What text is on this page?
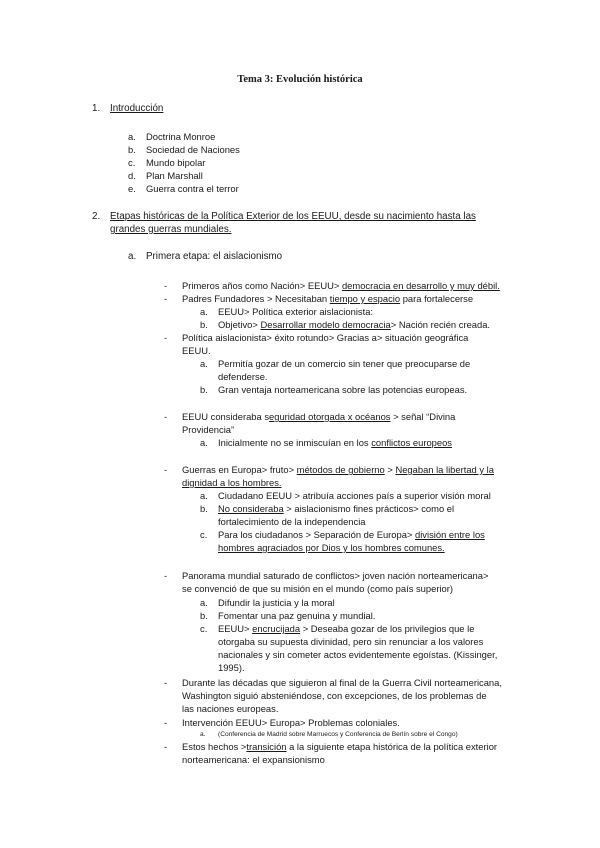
Tema 3: Evolución histórica
1. Introducción
a. Doctrina Monroe
b. Sociedad de Naciones
c. Mundo bipolar
d. Plan Marshall
e. Guerra contra el terror
2. Etapas históricas de la Política Exterior de los EEUU, desde su nacimiento hasta las
grandes guerras mundiales.
a. Primera etapa: el aislacionismo
- Primeros años como Nación> EEUU> democracia en desarrollo y muy débil.
- Padres Fundadores > Necesitaban tiempo y espacio para fortalecerse
a. EEUU> Política exterior aislacionista:
b. Objetivo> Desarrollar modelo democracia> Nación recién creada.
- Política aislacionista> éxito rotundo> Gracias a> situación geográfica
EEUU.
a. Permitía gozar de un comercio sin tener que preocuparse de
defenderse.
b. Gran ventaja norteamericana sobre las potencias europeas.
- EEUU consideraba seguridad otorgada x océanos > señal “Divina
Providencia”
a. Inicialmente no se inmiscuían en los conflictos europeos
- Guerras en Europa> fruto> métodos de gobierno > Negaban la libertad y la
dignidad a los hombres.
a. Ciudadano EEUU > atribuía acciones país a superior visión moral
b. No consideraba > aislacionismo fines prácticos> como el
fortalecimiento de la independencia
c. Para los ciudadanos > Separación de Europa> división entre los
hombres agraciados por Dios y los hombres comunes.
- Panorama mundial saturado de conflictos> joven nación norteamericana>
se convenció de que su misión en el mundo (como país superior)
a. Difundir la justicia y la moral
b. Fomentar una paz genuina y mundial.
c. EEUU> encrucijada > Deseaba gozar de los privilegios que le
otorgaba su supuesta divinidad, pero sin renunciar a los valores
nacionales y sin cometer actos evidentemente egoístas. (Kissinger,
1995).
- Durante las décadas que siguieron al final de la Guerra Civil norteamericana,
Washington siguió absteniéndose, con excepciones, de los problemas de
las naciones europeas.
- Intervención EEUU> Europa> Problemas coloniales.
a. (Conferencia de Madrid sobre Marruecos y Conferencia de Berlín sobre el Congo)
- Estos hechos >transición a la siguiente etapa histórica de la política exterior
norteamericana: el expansionismo
